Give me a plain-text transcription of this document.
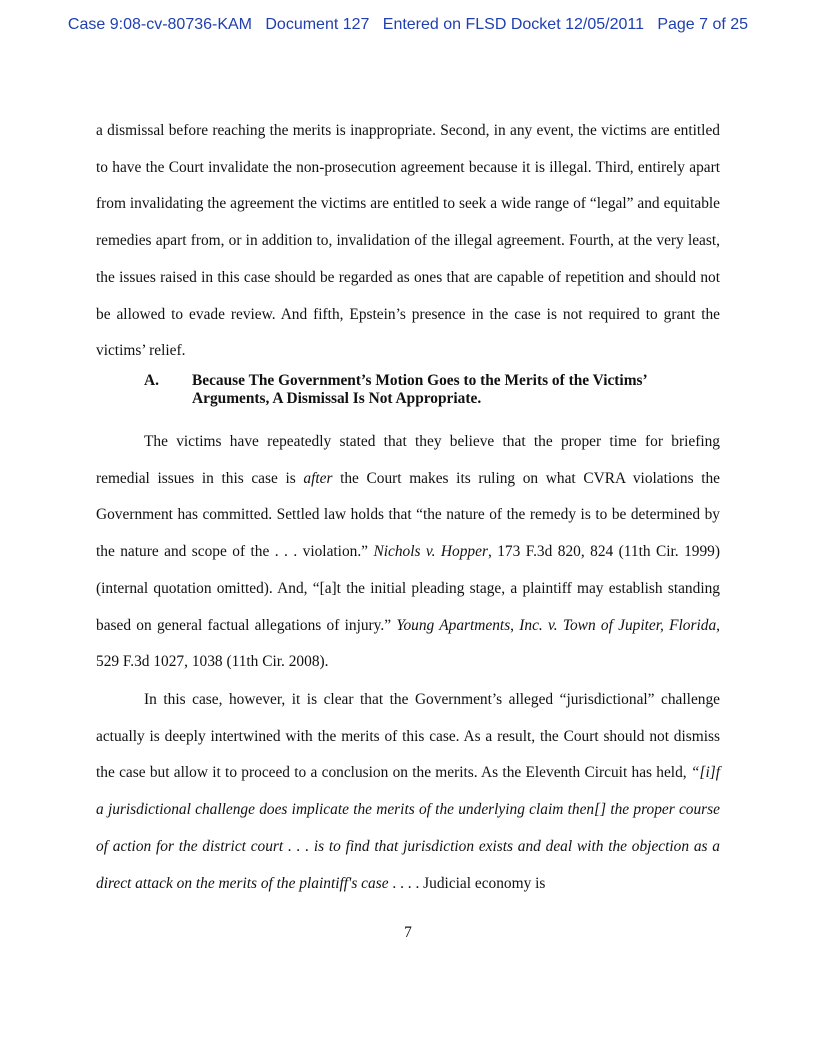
Case 9:08-cv-80736-KAM Document 127 Entered on FLSD Docket 12/05/2011 Page 7 of 25
a dismissal before reaching the merits is inappropriate. Second, in any event, the victims are entitled to have the Court invalidate the non-prosecution agreement because it is illegal. Third, entirely apart from invalidating the agreement the victims are entitled to seek a wide range of “legal” and equitable remedies apart from, or in addition to, invalidation of the illegal agreement. Fourth, at the very least, the issues raised in this case should be regarded as ones that are capable of repetition and should not be allowed to evade review. And fifth, Epstein’s presence in the case is not required to grant the victims’ relief.
A. Because The Government’s Motion Goes to the Merits of the Victims’
Arguments, A Dismissal Is Not Appropriate.
The victims have repeatedly stated that they believe that the proper time for briefing remedial issues in this case is after the Court makes its ruling on what CVRA violations the Government has committed. Settled law holds that “the nature of the remedy is to be determined by the nature and scope of the . . . violation.” Nichols v. Hopper, 173 F.3d 820, 824 (11th Cir. 1999) (internal quotation omitted). And, “[a]t the initial pleading stage, a plaintiff may establish standing based on general factual allegations of injury.” Young Apartments, Inc. v. Town of Jupiter, Florida, 529 F.3d 1027, 1038 (11th Cir. 2008).
In this case, however, it is clear that the Government’s alleged “jurisdictional” challenge actually is deeply intertwined with the merits of this case. As a result, the Court should not dismiss the case but allow it to proceed to a conclusion on the merits. As the Eleventh Circuit has held, “[i]f a jurisdictional challenge does implicate the merits of the underlying claim then[] the proper course of action for the district court . . . is to find that jurisdiction exists and deal with the objection as a direct attack on the merits of the plaintiff's case . . . . Judicial economy is
7
